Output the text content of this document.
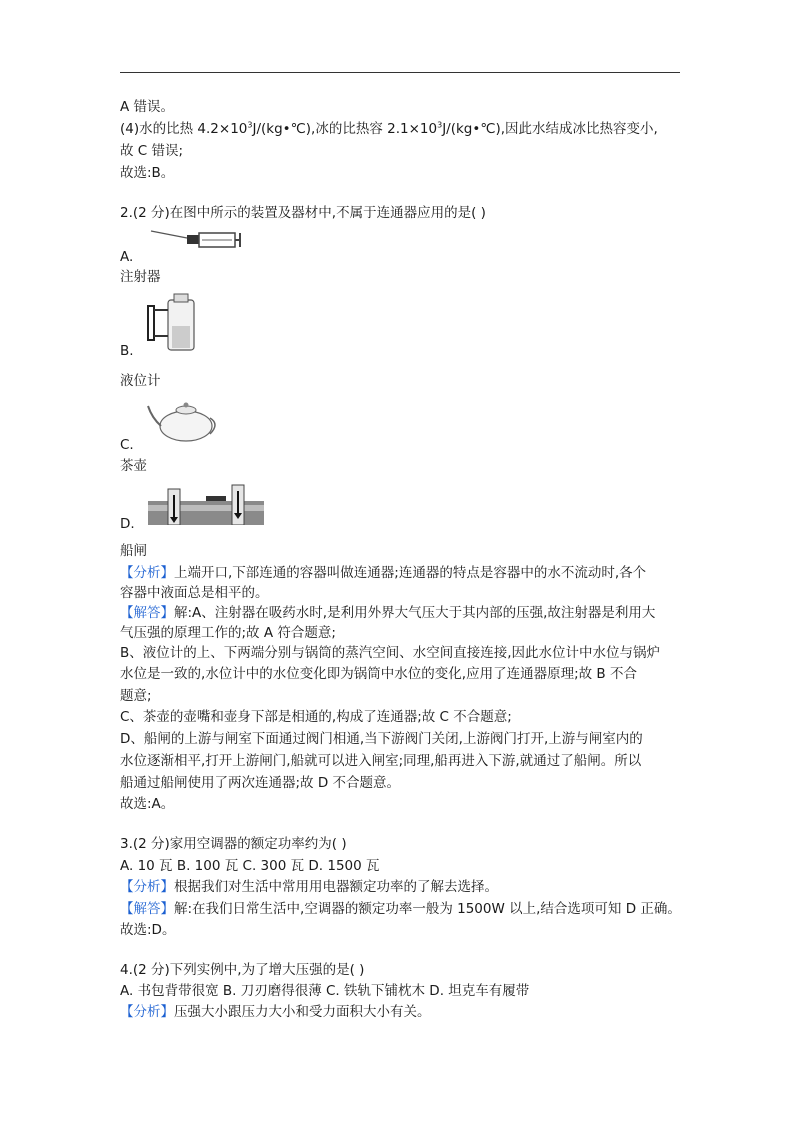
A 错误。
(4)水的比热 $4.2\times 10^3J/(kg•℃)$,冰的比热容 $2.1\times 10^3J/(kg•℃)$,因此水结成冰比热容变小,
故 C 错误;
故选:B。
2.(2 分)在图中所示的装置及器材中,不属于连通器应用的是( )
A.
注射器
B.
液位计
C.
茶壶
D.
船闸
【分析】上端开口,下部连通的容器叫做连通器;连通器的特点是容器中的水不流动时,各个
容器中液面总是相平的。
【解答】解:A、注射器在吸药水时,是利用外界大气压大于其内部的压强,故注射器是利用大
气压强的原理工作的;故 A 符合题意;
B、液位计的上、下两端分别与锅筒的蒸汽空间、水空间直接连接,因此水位计中水位与锅炉
水位是一致的,水位计中的水位变化即为锅筒中水位的变化,应用了连通器原理;故 B 不合
题意;
C、茶壶的壶嘴和壶身下部是相通的,构成了连通器;故 C 不合题意;
D、船闸的上游与闸室下面通过阀门相通,当下游阀门关闭,上游阀门打开,上游与闸室内的
水位逐渐相平,打开上游闸门,船就可以进入闸室;同理,船再进入下游,就通过了船闸。所以
船通过船闸使用了两次连通器;故 D 不合题意。
故选:A。
3.(2 分)家用空调器的额定功率约为( )
A. 10 瓦 B. 100 瓦 C. 300 瓦 D. 1500 瓦
【分析】根据我们对生活中常用用电器额定功率的了解去选择。
【解答】解:在我们日常生活中,空调器的额定功率一般为 1500W 以上,结合选项可知 D 正确。
故选:D。
4.(2 分)下列实例中,为了增大压强的是( )
A. 书包背带很宽 B. 刀刃磨得很薄 C. 铁轨下铺枕木 D. 坦克车有履带
【分析】压强大小跟压力大小和受力面积大小有关。
